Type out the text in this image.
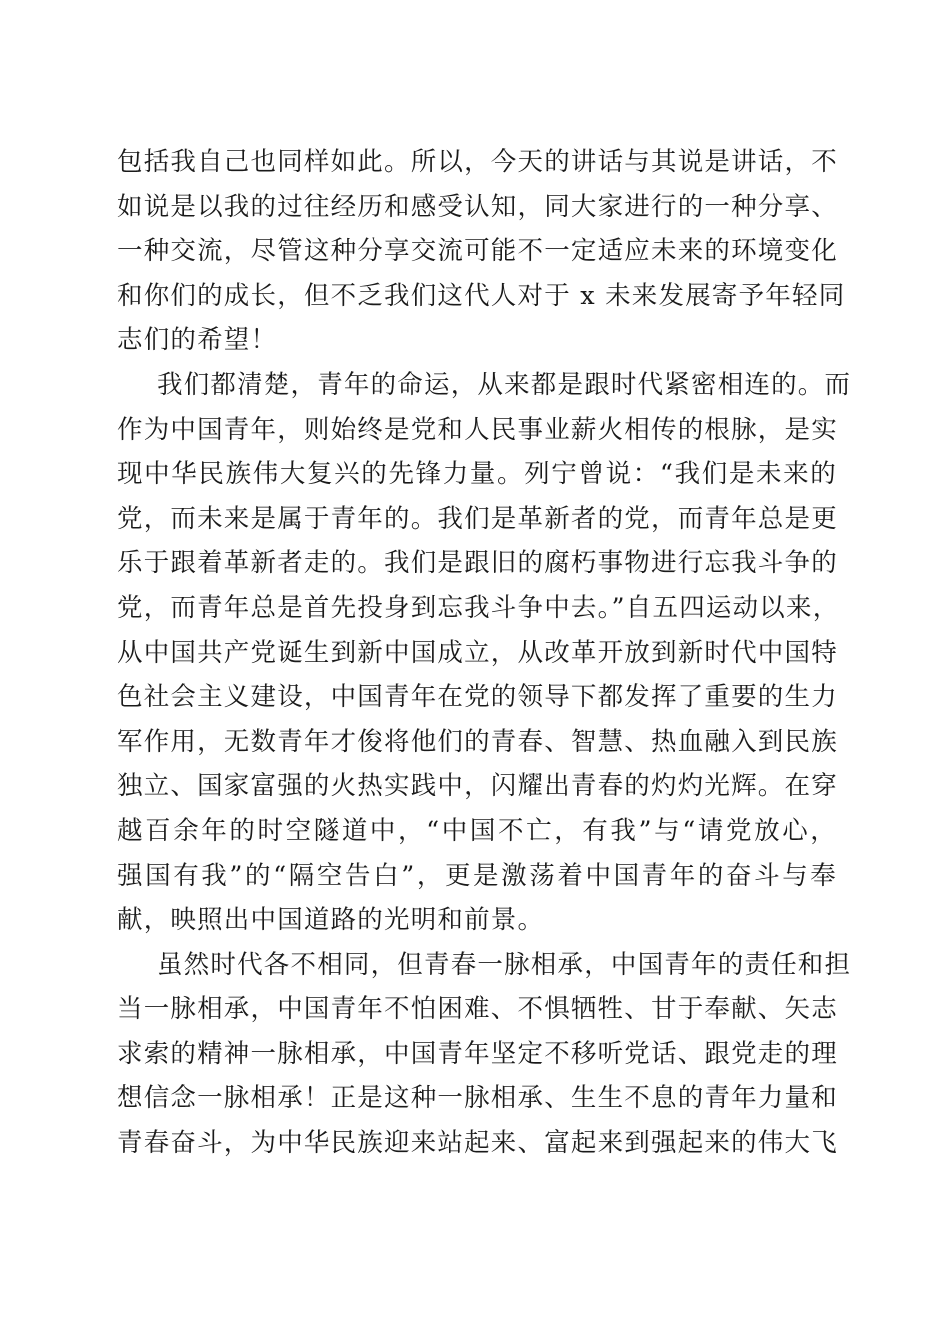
包括我自己也同样如此。所以，今天的讲话与其说是讲话，不
如说是以我的过往经历和感受认知，同大家进行的一种分享、
一种交流，尽管这种分享交流可能不一定适应未来的环境变化
和你们的成长，但不乏我们这代人对于 x 未来发展寄予年轻同
志们的希望！
我们都清楚，青年的命运，从来都是跟时代紧密相连的。而
作为中国青年，则始终是党和人民事业薪火相传的根脉，是实
现中华民族伟大复兴的先锋力量。列宁曾说：“我们是未来的
党，而未来是属于青年的。我们是革新者的党，而青年总是更
乐于跟着革新者走的。我们是跟旧的腐朽事物进行忘我斗争的
党，而青年总是首先投身到忘我斗争中去。”自五四运动以来，
从中国共产党诞生到新中国成立，从改革开放到新时代中国特
色社会主义建设，中国青年在党的领导下都发挥了重要的生力
军作用，无数青年才俊将他们的青春、智慧、热血融入到民族
独立、国家富强的火热实践中，闪耀出青春的灼灼光辉。在穿
越百余年的时空隧道中，“中国不亡，有我”与“请党放心，
强国有我”的“隔空告白”，更是激荡着中国青年的奋斗与奉
献，映照出中国道路的光明和前景。
虽然时代各不相同，但青春一脉相承，中国青年的责任和担
当一脉相承，中国青年不怕困难、不惧牺牲、甘于奉献、矢志
求索的精神一脉相承，中国青年坚定不移听党话、跟党走的理
想信念一脉相承！正是这种一脉相承、生生不息的青年力量和
青春奋斗，为中华民族迎来站起来、富起来到强起来的伟大飞
